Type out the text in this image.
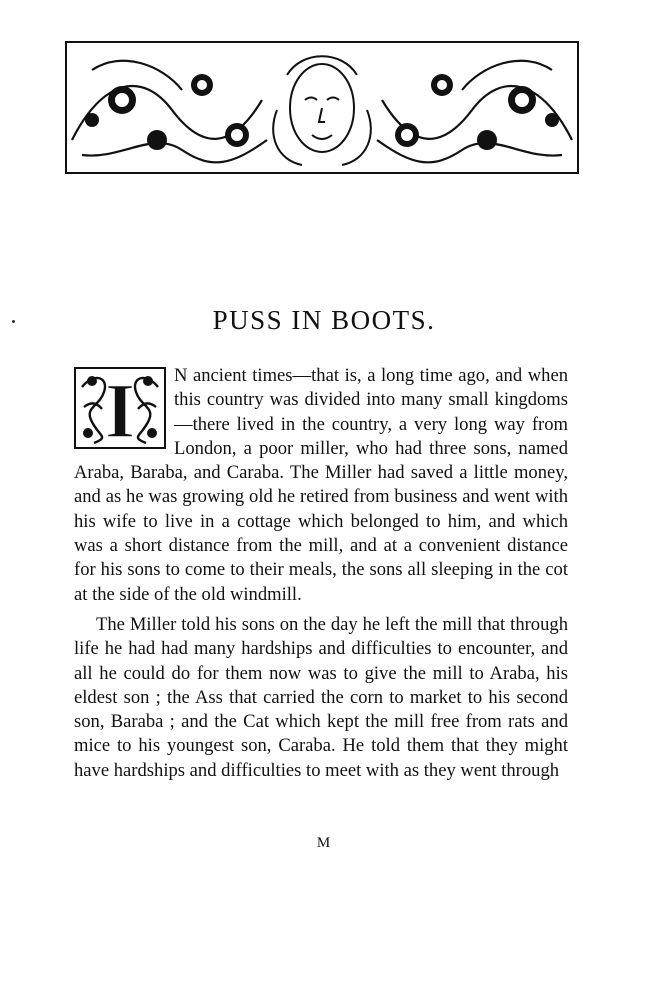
PUSS IN BOOTS.
I	N ancient times—that is, a long time ago, and when this country was divided into many small kingdoms—there lived in the country, a very long way from London, a poor miller, who had three sons, named Araba, Baraba, and Caraba. The Miller had saved a little money, and as he was growing old he retired from business and went with his wife to live in a cottage which belonged to him, and which was a short distance from the mill, and at a convenient distance for his sons to come to their meals, the sons all sleeping in the cot at the side of the old windmill.

The Miller told his sons on the day he left the mill that through life he had had many hardships and difficulties to encounter, and all he could do for them now was to give the mill to Araba, his eldest son ; the Ass that carried the corn to market to his second son, Baraba ; and the Cat which kept the mill free from rats and mice to his youngest son, Caraba. He told them that they might have hardships and difficulties to meet with as they went through

M
